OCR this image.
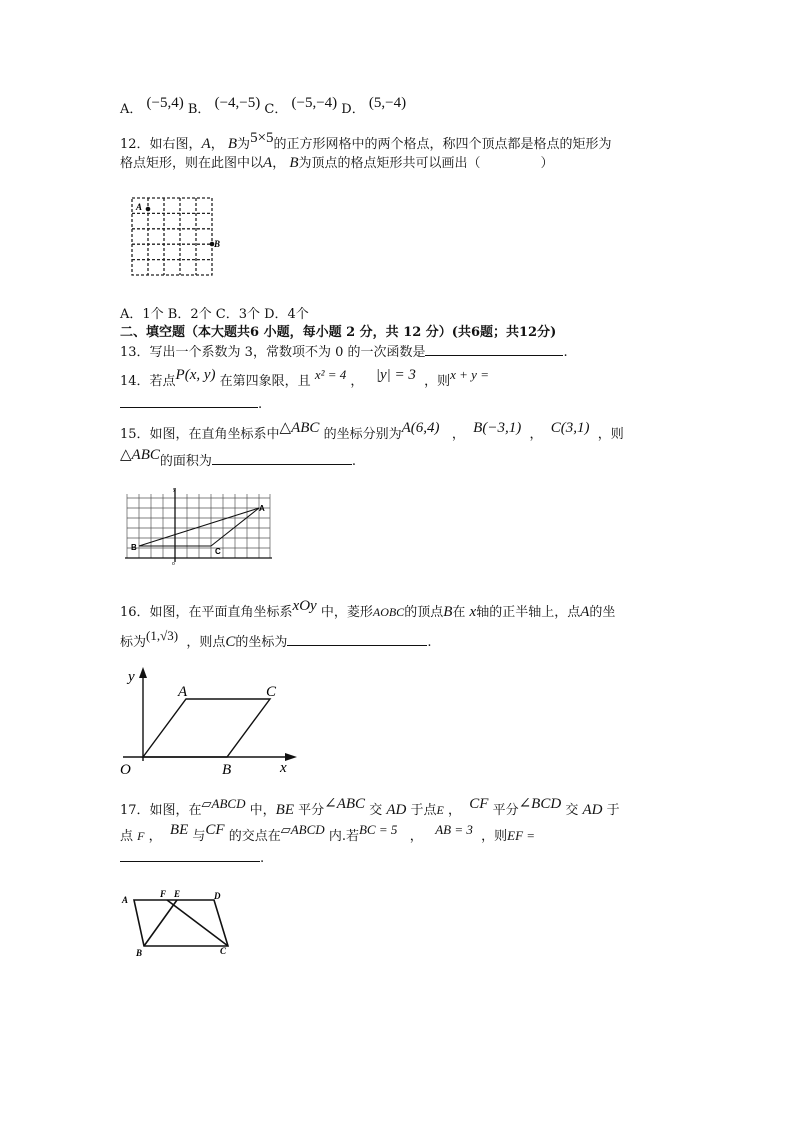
A． (−5,4) B． (−4,−5) C． (−5,−4) D． (5,−4)
12．如右图，A， B为5×5的正方形网格中的两个格点，称四个顶点都是格点的矩形为
格点矩形，则在此图中以A， B为顶点的格点矩形共可以画出（	）
A
B
A．1个 B．2个 C．3个 D．4个
二、填空题（本大题共6 小题，每小题 2 分，共 12 分）(共6题；共12分)
13．写出一个系数为 3，常数项不为 0 的一次函数是	.
14．若点P(x, y) 在第四象限，且 x² = 4 ， |y| = 3 ，则x + y =
.
15．如图，在直角坐标系中△ABC 的坐标分别为A(6,4) ， B(−3,1) ， C(3,1) ，则
△ABC的面积为	.
A
B	C
y
o
16．如图，在平面直角坐标系xOy 中，菱形AOBC的顶点B在 x轴的正半轴上，点A的坐
标为(1,√3) ，则点C的坐标为	.
y
A	C
O	B	x
17．如图，在▱ABCD 中，BE 平分∠ABC 交 AD 于点E ， CF 平分∠BCD 交 AD 于
点 F ， BE 与CF 的交点在▱ABCD 内.若BC = 5 ， AB = 3 ，则EF =
.
A
F E	D
B	C
